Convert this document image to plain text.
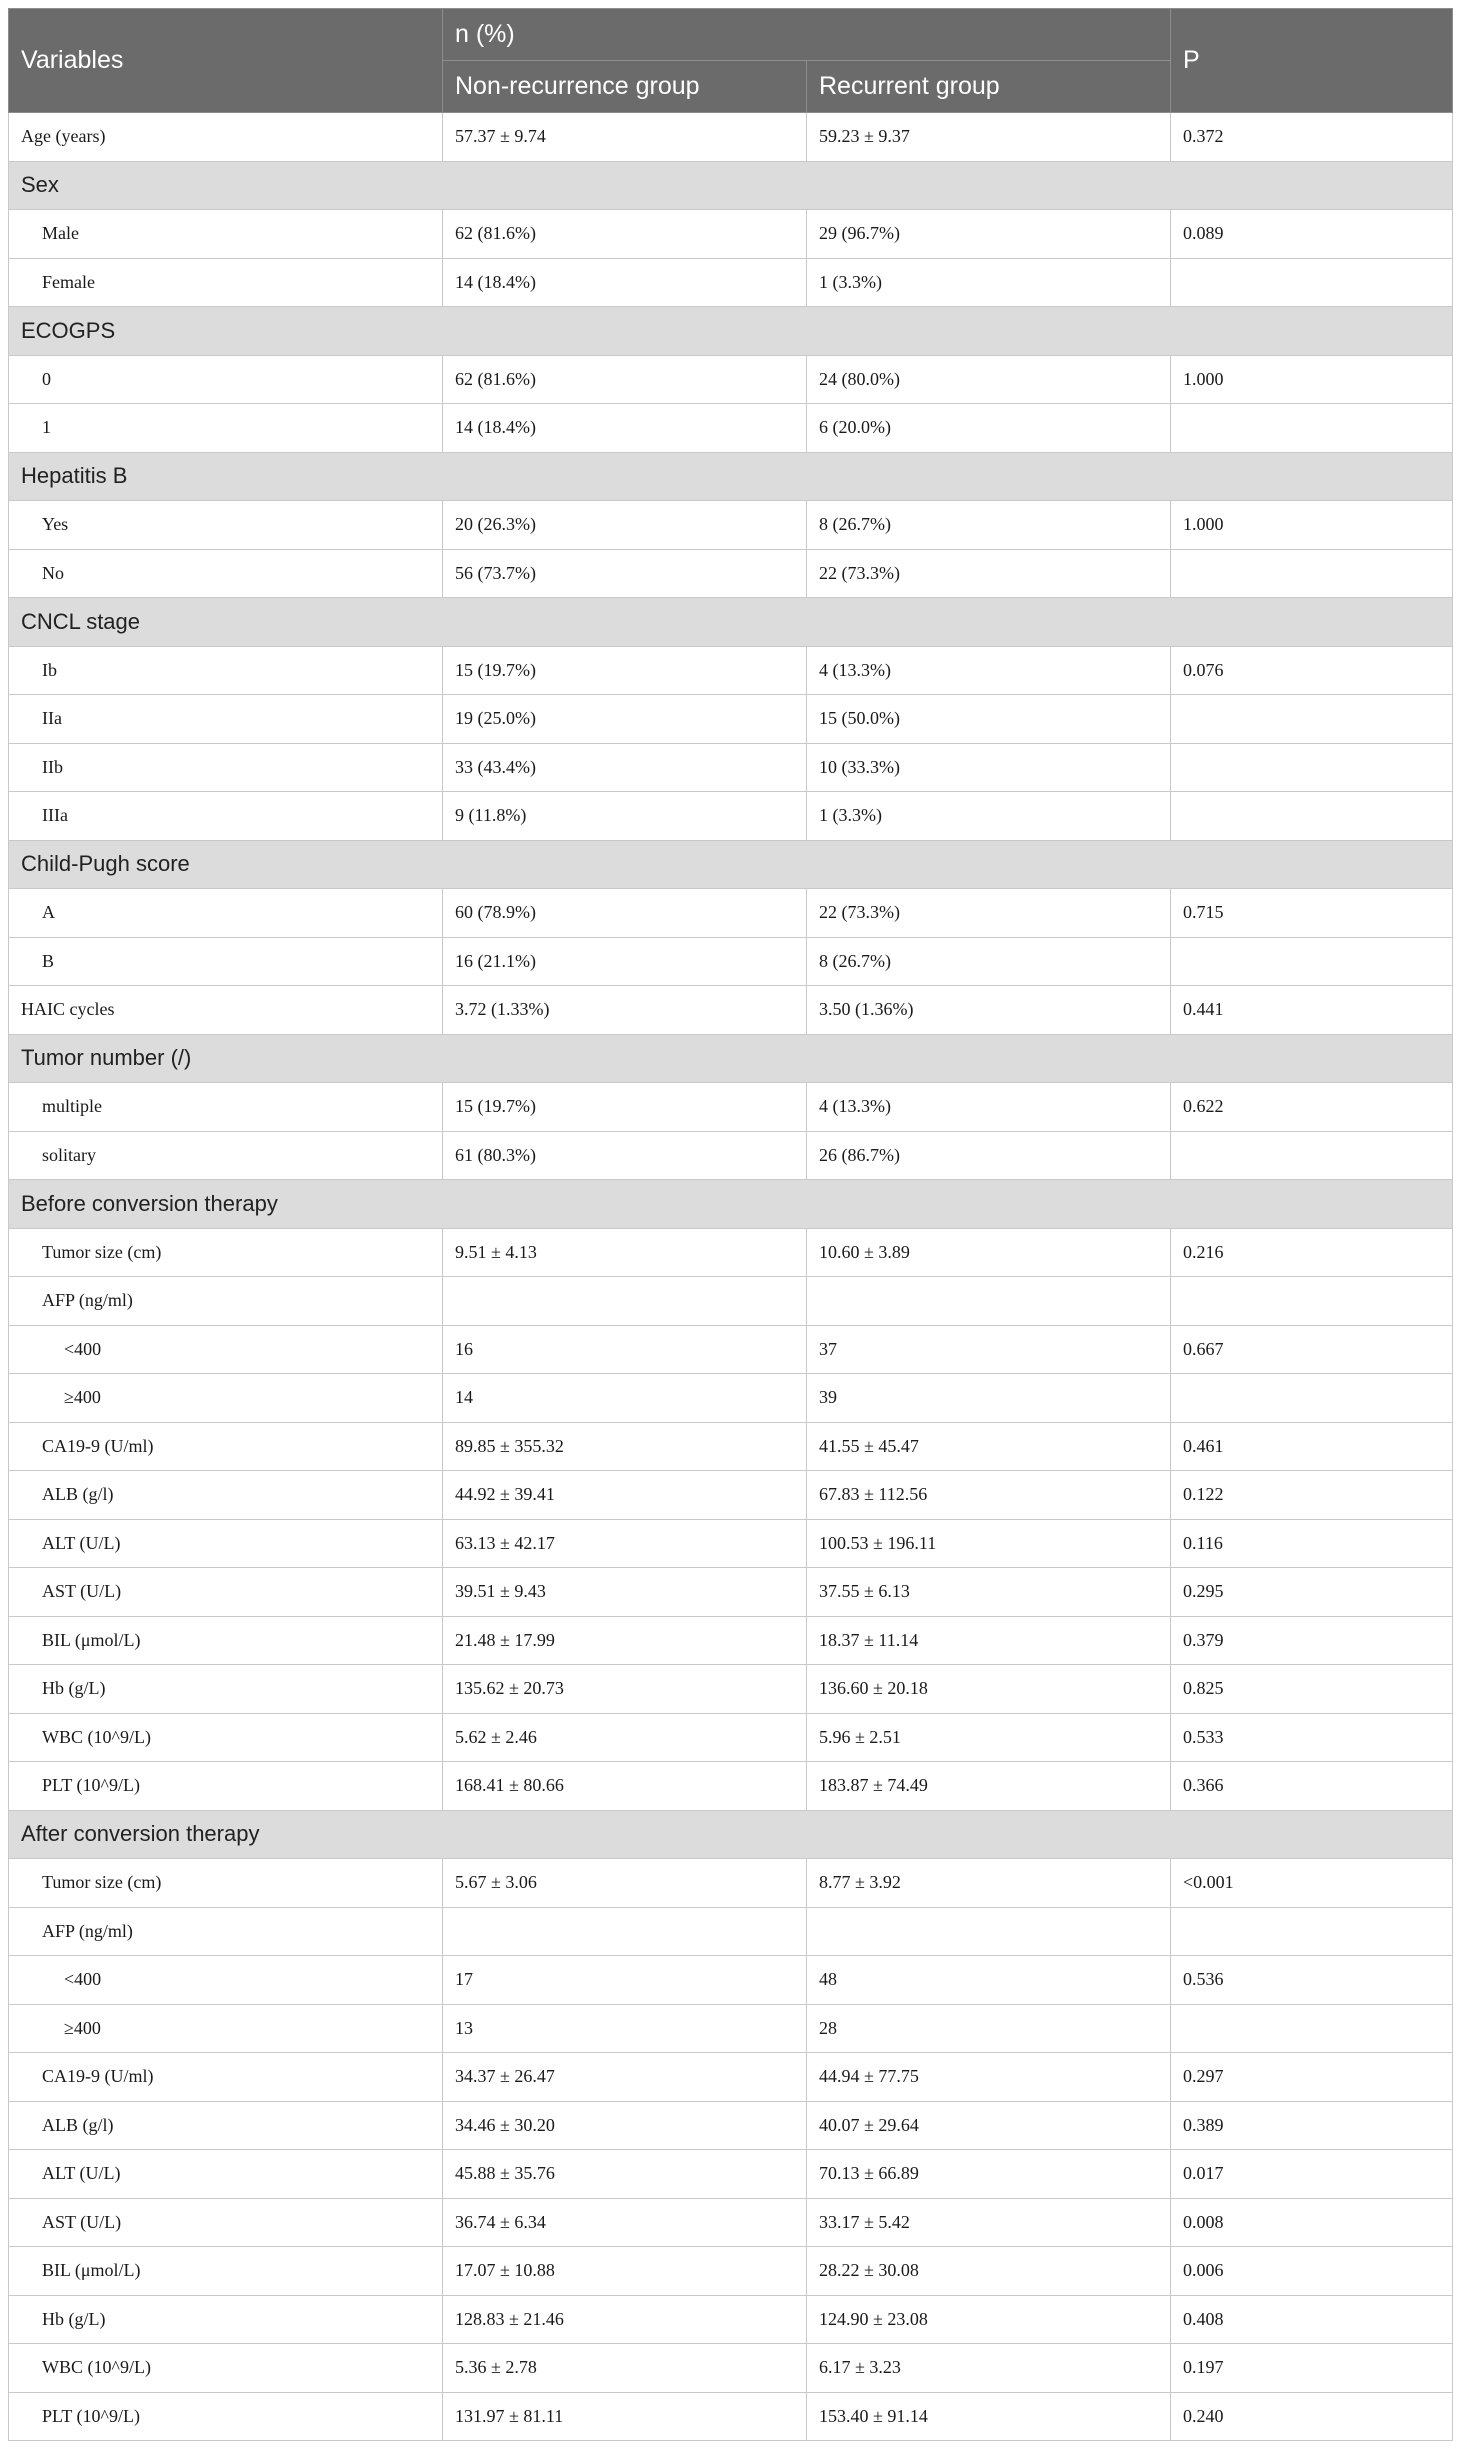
Variables	n (%)		P
	Non-recurrence group	Recurrent group	
Age (years)	57.37 ± 9.74	59.23 ± 9.37	0.372
Sex			
Male	62 (81.6%)	29 (96.7%)	0.089
Female	14 (18.4%)	1 (3.3%)	
ECOGPS			
0	62 (81.6%)	24 (80.0%)	1.000
1	14 (18.4%)	6 (20.0%)	
Hepatitis B			
Yes	20 (26.3%)	8 (26.7%)	1.000
No	56 (73.7%)	22 (73.3%)	
CNCL stage			
Ib	15 (19.7%)	4 (13.3%)	0.076
IIa	19 (25.0%)	15 (50.0%)	
IIb	33 (43.4%)	10 (33.3%)	
IIIa	9 (11.8%)	1 (3.3%)	
Child-Pugh score			
A	60 (78.9%)	22 (73.3%)	0.715
B	16 (21.1%)	8 (26.7%)	
HAIC cycles	3.72 (1.33%)	3.50 (1.36%)	0.441
Tumor number (/)			
multiple	15 (19.7%)	4 (13.3%)	0.622
solitary	61 (80.3%)	26 (86.7%)	
Before conversion therapy			
Tumor size (cm)	9.51 ± 4.13	10.60 ± 3.89	0.216
AFP (ng/ml)			
<400	16	37	0.667
≥400	14	39	
CA19-9 (U/ml)	89.85 ± 355.32	41.55 ± 45.47	0.461
ALB (g/l)	44.92 ± 39.41	67.83 ± 112.56	0.122
ALT (U/L)	63.13 ± 42.17	100.53 ± 196.11	0.116
AST (U/L)	39.51 ± 9.43	37.55 ± 6.13	0.295
BIL (μmol/L)	21.48 ± 17.99	18.37 ± 11.14	0.379
Hb (g/L)	135.62 ± 20.73	136.60 ± 20.18	0.825
WBC (10^9/L)	5.62 ± 2.46	5.96 ± 2.51	0.533
PLT (10^9/L)	168.41 ± 80.66	183.87 ± 74.49	0.366
After conversion therapy			
Tumor size (cm)	5.67 ± 3.06	8.77 ± 3.92	<0.001
AFP (ng/ml)			
<400	17	48	0.536
≥400	13	28	
CA19-9 (U/ml)	34.37 ± 26.47	44.94 ± 77.75	0.297
ALB (g/l)	34.46 ± 30.20	40.07 ± 29.64	0.389
ALT (U/L)	45.88 ± 35.76	70.13 ± 66.89	0.017
AST (U/L)	36.74 ± 6.34	33.17 ± 5.42	0.008
BIL (μmol/L)	17.07 ± 10.88	28.22 ± 30.08	0.006
Hb (g/L)	128.83 ± 21.46	124.90 ± 23.08	0.408
WBC (10^9/L)	5.36 ± 2.78	6.17 ± 3.23	0.197
PLT (10^9/L)	131.97 ± 81.11	153.40 ± 91.14	0.240
